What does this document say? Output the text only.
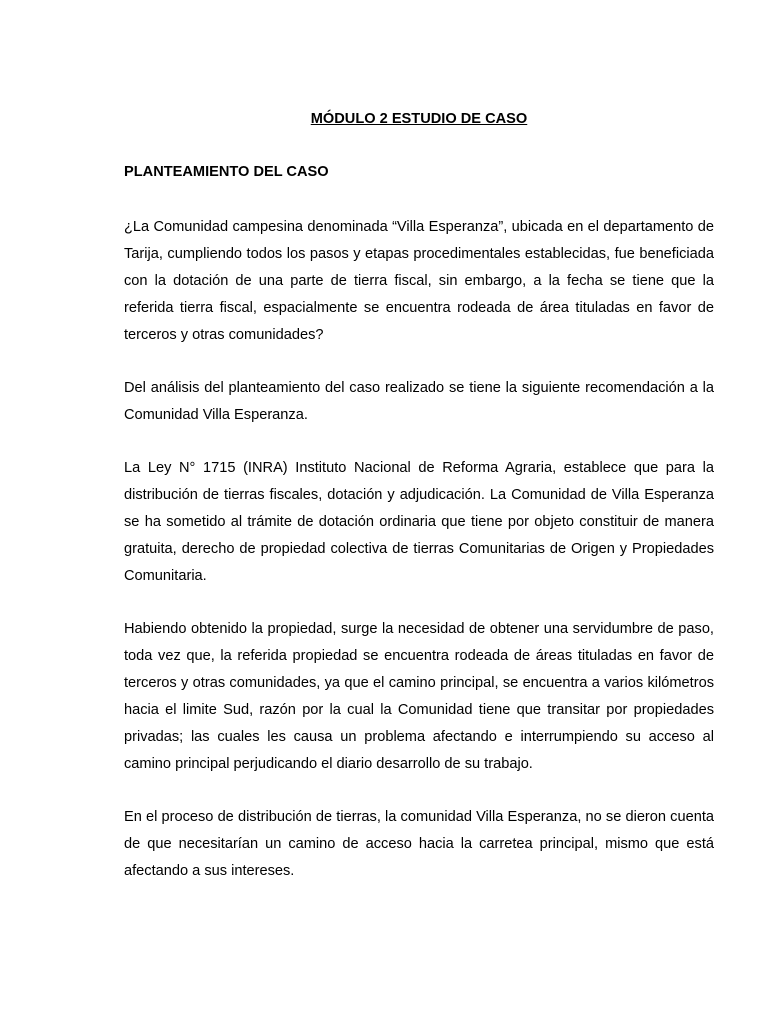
MÓDULO 2 ESTUDIO DE CASO
PLANTEAMIENTO DEL CASO

¿La Comunidad campesina denominada “Villa Esperanza”, ubicada en el departamento de Tarija, cumpliendo todos los pasos y etapas procedimentales establecidas, fue beneficiada con la dotación de una parte de tierra fiscal, sin embargo, a la fecha se tiene que la referida tierra fiscal, espacialmente se encuentra rodeada de área tituladas en favor de terceros y otras comunidades?

Del análisis del planteamiento del caso realizado se tiene la siguiente recomendación a la Comunidad Villa Esperanza.

La Ley N° 1715 (INRA) Instituto Nacional de Reforma Agraria, establece que para la distribución de tierras fiscales, dotación y adjudicación. La Comunidad de Villa Esperanza se ha sometido al trámite de dotación ordinaria que tiene por objeto constituir de manera gratuita, derecho de propiedad colectiva de tierras Comunitarias de Origen y Propiedades Comunitaria.

Habiendo obtenido la propiedad, surge la necesidad de obtener una servidumbre de paso, toda vez que, la referida propiedad se encuentra rodeada de áreas tituladas en favor de terceros y otras comunidades, ya que el camino principal, se encuentra a varios kilómetros hacia el limite Sud, razón por la cual la Comunidad tiene que transitar por propiedades privadas; las cuales les causa un problema afectando e interrumpiendo su acceso al camino principal perjudicando el diario desarrollo de su trabajo.

En el proceso de distribución de tierras, la comunidad Villa Esperanza, no se dieron cuenta de que necesitarían un camino de acceso hacia la carretea principal, mismo que está afectando a sus intereses.
